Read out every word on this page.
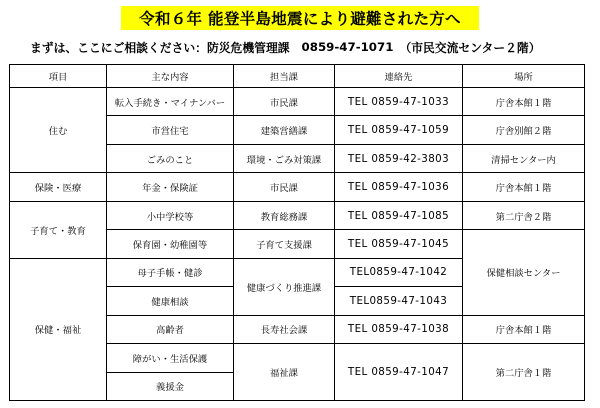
令和６年 能登半島地震により避難された方へ
まずは、ここにご相談ください：防災危機管理課 0859-47-1071 （市民交流センター２階）
項目	主な内容	担当課	連絡先	場所
住む	転入手続き・マイナンバー	市民課	TEL 0859-47-1033	庁舎本館１階
	市営住宅	建築営繕課	TEL 0859-47-1059	庁舎別館２階
	ごみのこと	環境・ごみ対策課	TEL 0859-42-3803	清掃センター内
保険・医療	年金・保険証	市民課	TEL 0859-47-1036	庁舎本館１階
子育て・教育	小中学校等	教育総務課	TEL 0859-47-1085	第二庁舎２階
	保育園・幼稚園等	子育て支援課	TEL 0859-47-1045	保健相談センター
保健・福祉	母子手帳・健診	健康づくり推進課	TEL0859-47-1042	
	健康相談		TEL0859-47-1043	
	高齢者	長寿社会課	TEL 0859-47-1038	庁舎本館１階
	障がい・生活保護	福祉課	TEL 0859-47-1047	第二庁舎１階
	義援金			
